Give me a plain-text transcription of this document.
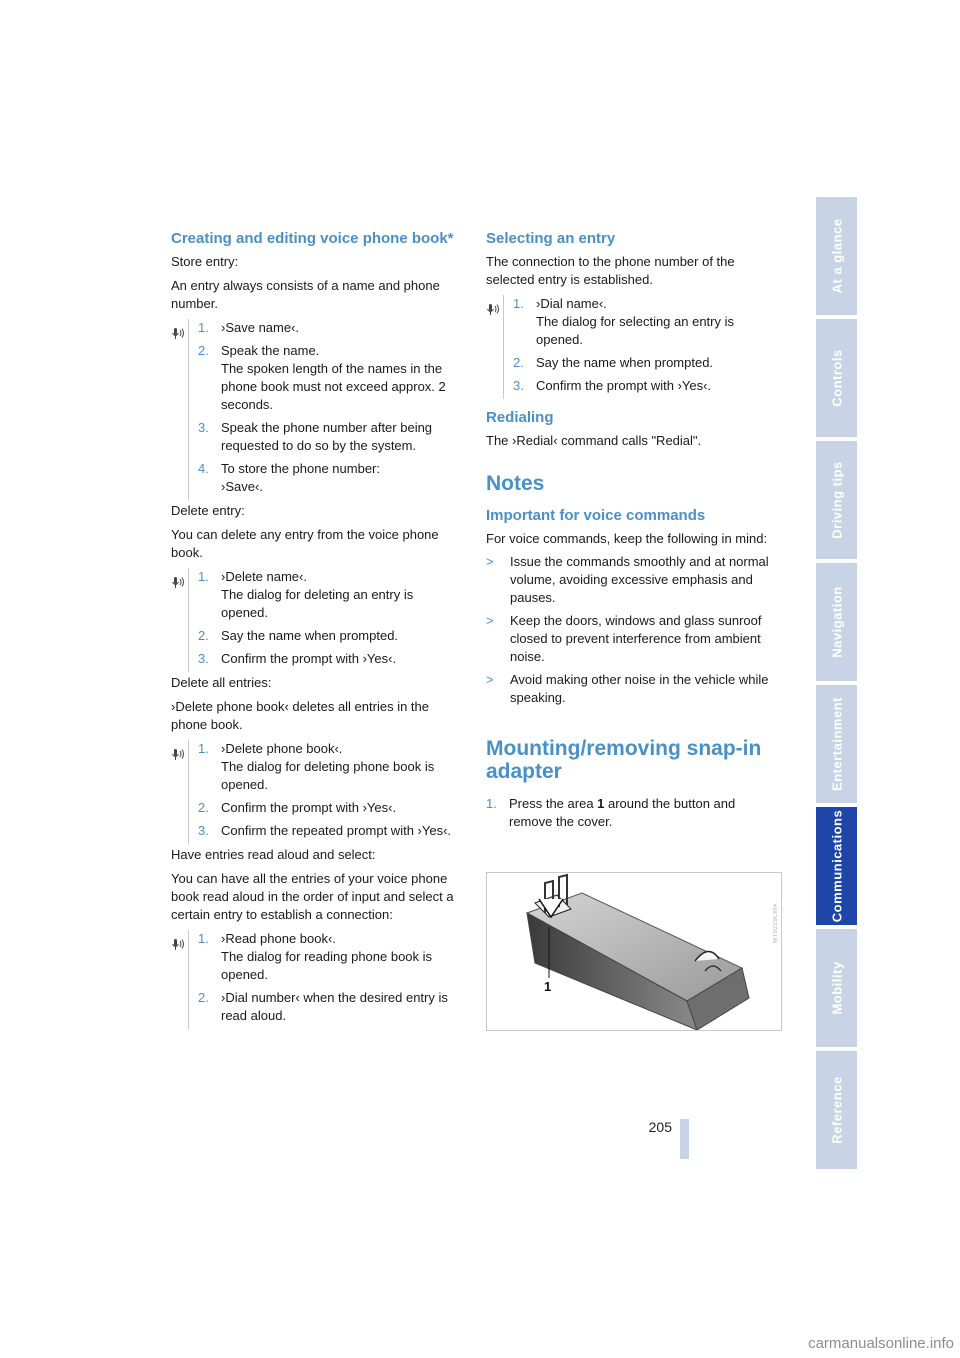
Creating and editing voice phone book*

Store entry:

An entry always consists of a name and phone number.

1. ›Save name‹.
2. Speak the name.
The spoken length of the names in the phone book must not exceed approx. 2 seconds.
3. Speak the phone number after being requested to do so by the system.
4. To store the phone number:
›Save‹.

Delete entry:

You can delete any entry from the voice phone book.

1. ›Delete name‹.
The dialog for deleting an entry is opened.
2. Say the name when prompted.
3. Confirm the prompt with ›Yes‹.

Delete all entries:

›Delete phone book‹ deletes all entries in the phone book.

1. ›Delete phone book‹.
The dialog for deleting phone book is opened.
2. Confirm the prompt with ›Yes‹.
3. Confirm the repeated prompt with ›Yes‹.

Have entries read aloud and select:

You can have all the entries of your voice phone book read aloud in the order of input and select a certain entry to establish a connection:

1. ›Read phone book‹.
The dialog for reading phone book is opened.
2. ›Dial number‹ when the desired entry is read aloud.
Selecting an entry

The connection to the phone number of the selected entry is established.

1. ›Dial name‹.
The dialog for selecting an entry is opened.
2. Say the name when prompted.
3. Confirm the prompt with ›Yes‹.
Redialing

The ›Redial‹ command calls "Redial".

Notes
Important for voice commands

For voice commands, keep the following in mind:

>	Issue the commands smoothly and at normal volume, avoiding excessive emphasis and pauses.
>	Keep the doors, windows and glass sunroof closed to prevent interference from ambient noise.
>	Avoid making other noise in the vehicle while speaking.
Mounting/removing snap-in adapter
1. Press the area 1 around the button and remove the cover.
1
MT0229CMA
At a glance
Controls
Driving tips
Navigation
Entertainment
Communications
Mobility
Reference
205
carmanualsonline.info
